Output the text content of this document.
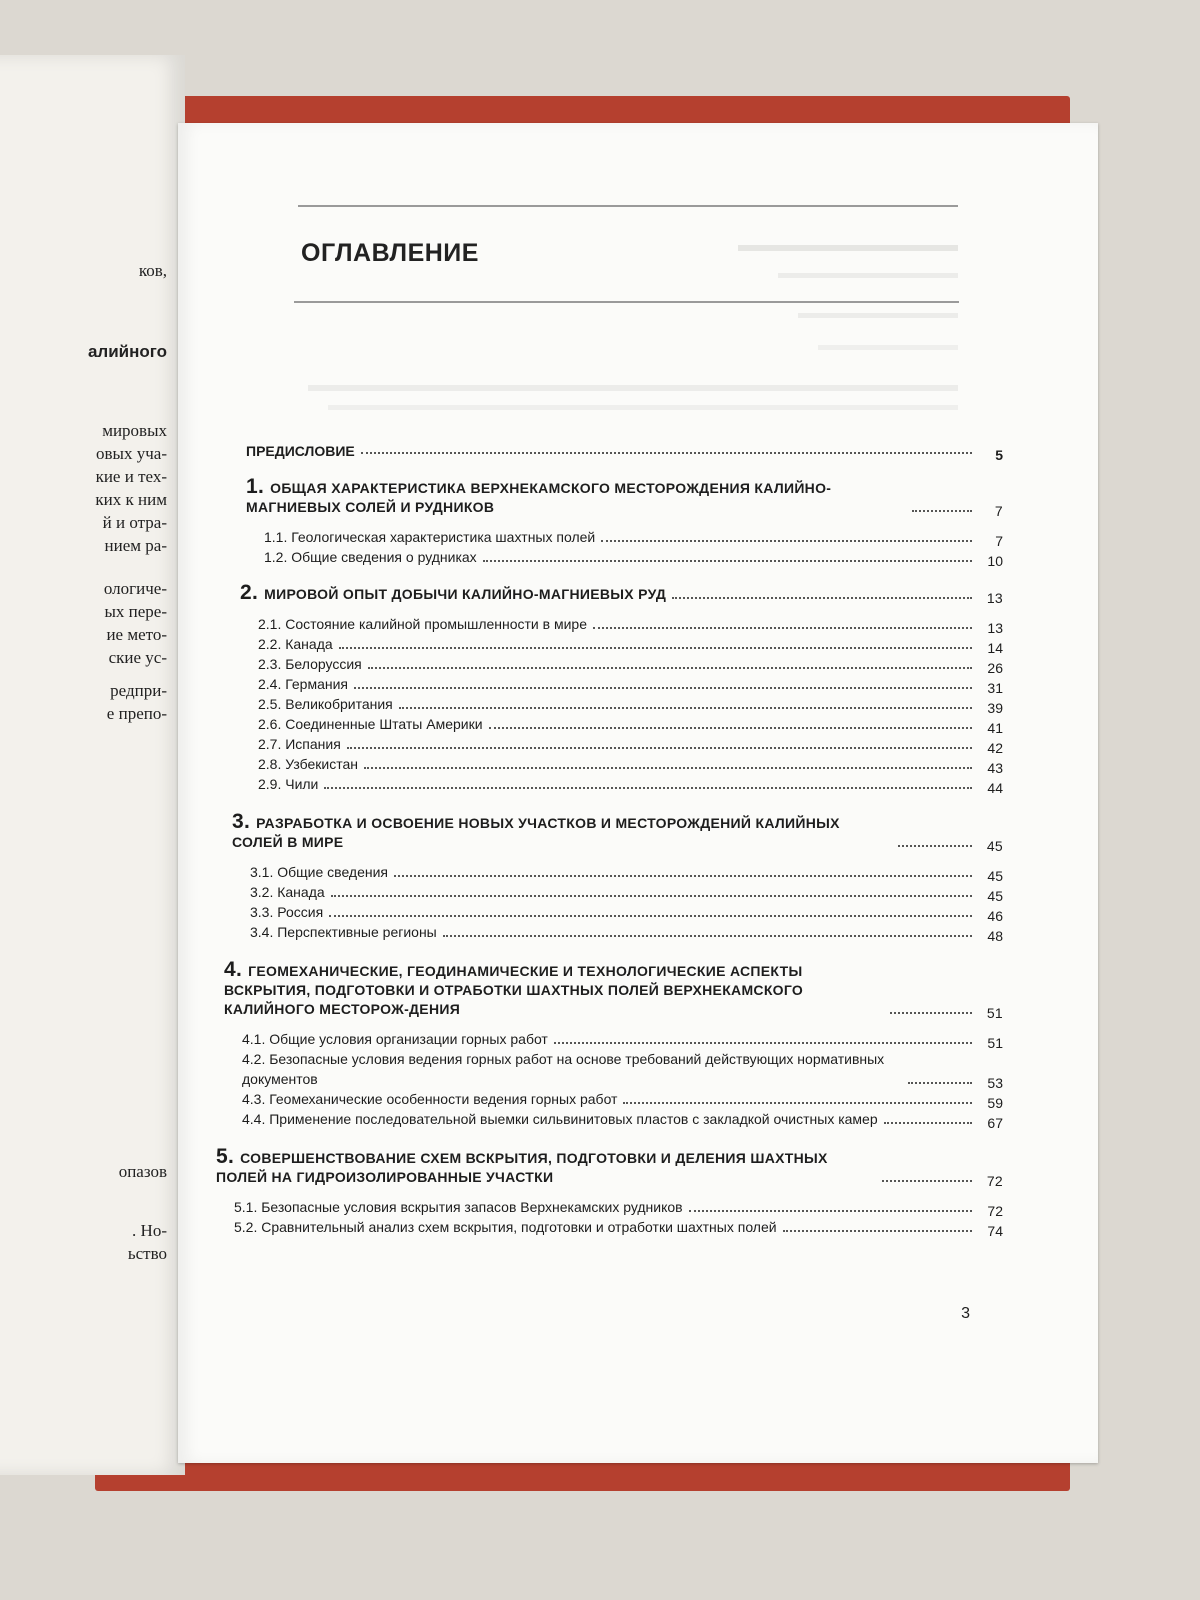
ков,
алийного
мировых
овых уча-
кие и тех-
ких к ним
й и отра-
нием ра-
ологиче-
ых пере-
ие мето-
ские ус-
редпри-
е препо-
опазов
. Но-
ьство
ОГЛАВЛЕНИЕ
ПРЕДИСЛОВИЕ	5
1. ОБЩАЯ ХАРАКТЕРИСТИКА ВЕРХНЕКАМСКОГО МЕСТОРОЖДЕНИЯ КАЛИЙНО-МАГНИЕВЫХ СОЛЕЙ И РУДНИКОВ	7
1.1. Геологическая характеристика шахтных полей	7
1.2. Общие сведения о рудниках	10
2. МИРОВОЙ ОПЫТ ДОБЫЧИ КАЛИЙНО-МАГНИЕВЫХ РУД	13
2.1. Состояние калийной промышленности в мире	13
2.2. Канада	14
2.3. Белоруссия	26
2.4. Германия	31
2.5. Великобритания	39
2.6. Соединенные Штаты Америки	41
2.7. Испания	42
2.8. Узбекистан	43
2.9. Чили	44
3. РАЗРАБОТКА И ОСВОЕНИЕ НОВЫХ УЧАСТКОВ И МЕСТОРОЖДЕНИЙ КАЛИЙНЫХ СОЛЕЙ В МИРЕ	45
3.1. Общие сведения	45
3.2. Канада	45
3.3. Россия	46
3.4. Перспективные регионы	48
4. ГЕОМЕХАНИЧЕСКИЕ, ГЕОДИНАМИЧЕСКИЕ И ТЕХНОЛОГИЧЕСКИЕ АСПЕКТЫ ВСКРЫТИЯ, ПОДГОТОВКИ И ОТРАБОТКИ ШАХТНЫХ ПОЛЕЙ ВЕРХНЕКАМСКОГО КАЛИЙНОГО МЕСТОРОЖ-ДЕНИЯ	51
4.1. Общие условия организации горных работ	51
4.2. Безопасные условия ведения горных работ на основе требований действующих нормативных документов	53
4.3. Геомеханические особенности ведения горных работ	59
4.4. Применение последовательной выемки сильвинитовых пластов с закладкой очистных камер	67
5. СОВЕРШЕНСТВОВАНИЕ СХЕМ ВСКРЫТИЯ, ПОДГОТОВКИ И ДЕЛЕНИЯ ШАХТНЫХ ПОЛЕЙ НА ГИДРОИЗОЛИРОВАННЫЕ УЧАСТКИ	72
5.1. Безопасные условия вскрытия запасов Верхнекамских рудников	72
5.2. Сравнительный анализ схем вскрытия, подготовки и отработки шахтных полей	74
3
